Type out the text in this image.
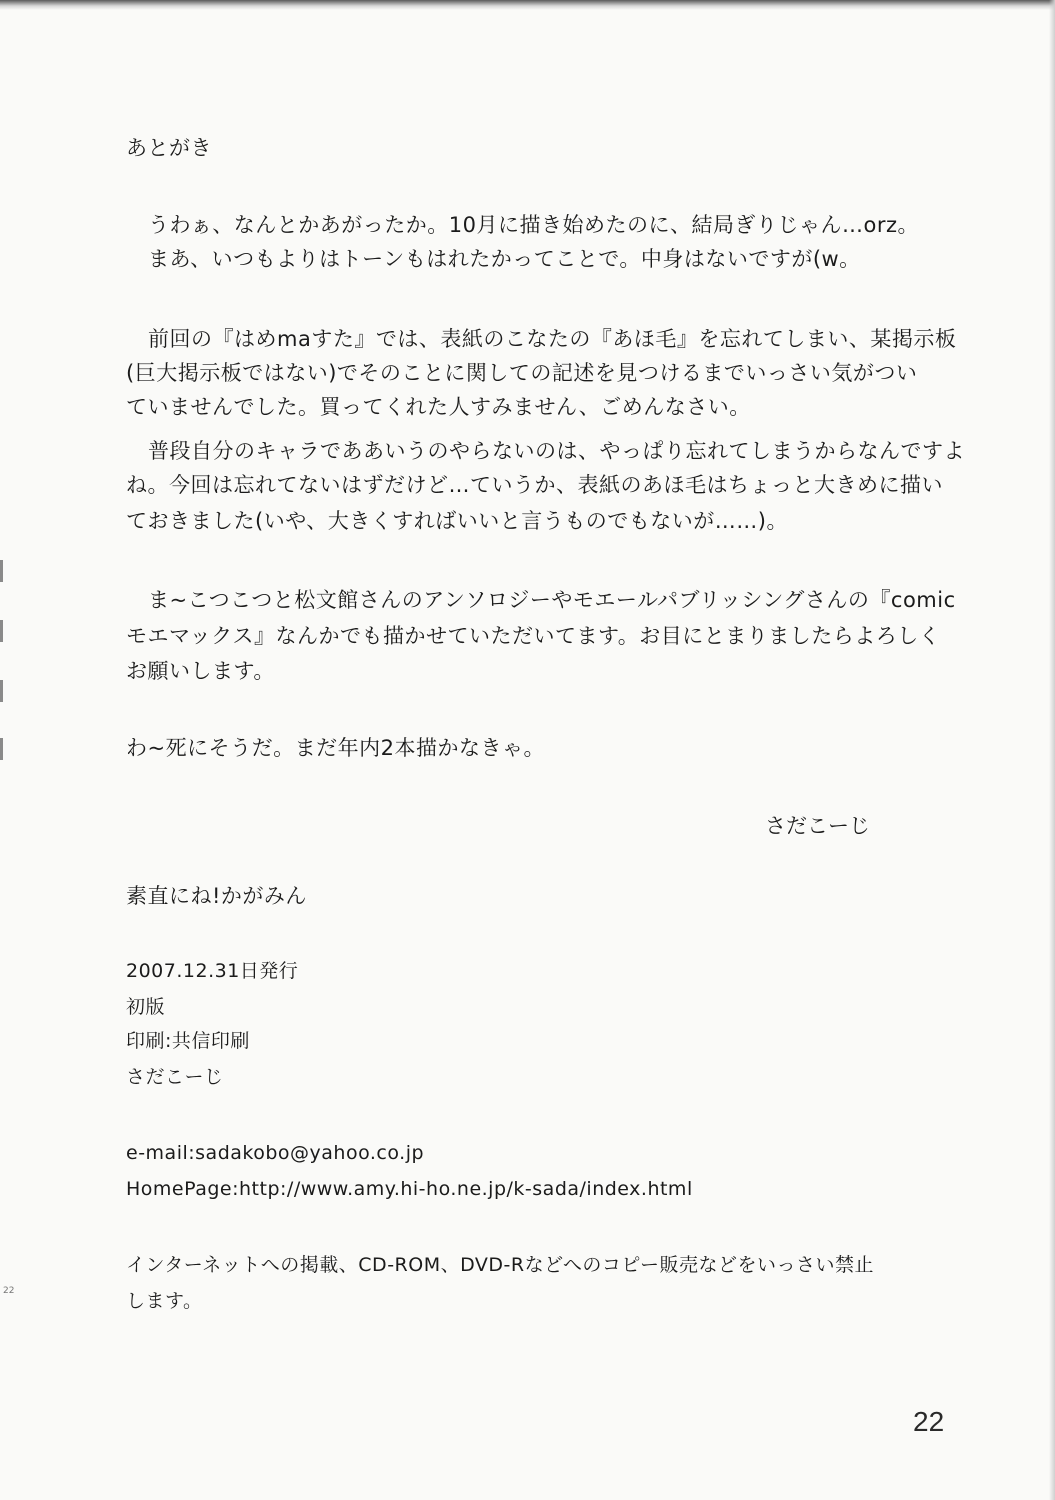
あとがき
うわぁ、なんとかあがったか。10月に描き始めたのに、結局ぎりじゃん…orz。
まあ、いつもよりはトーンもはれたかってことで。中身はないですが(w。
前回の『はめmaすた』では、表紙のこなたの『あほ毛』を忘れてしまい、某掲示板
(巨大掲示板ではない)でそのことに関しての記述を見つけるまでいっさい気がつい
ていませんでした。買ってくれた人すみません、ごめんなさい。
普段自分のキャラでああいうのやらないのは、やっぱり忘れてしまうからなんですよ
ね。今回は忘れてないはずだけど…ていうか、表紙のあほ毛はちょっと大きめに描い
ておきました(いや、大きくすればいいと言うものでもないが……)。
ま~こつこつと松文館さんのアンソロジーやモエールパブリッシングさんの『comic
モエマックス』なんかでも描かせていただいてます。お目にとまりましたらよろしく
お願いします。
わ~死にそうだ。まだ年内2本描かなきゃ。
さだこーじ
素直にね!かがみん
2007.12.31日発行
初版
印刷:共信印刷
さだこーじ
e-mail:sadakobo@yahoo.co.jp
HomePage:http://www.amy.hi-ho.ne.jp/k-sada/index.html
インターネットへの掲載、CD-ROM、DVD-Rなどへのコピー販売などをいっさい禁止
します。
22
22
